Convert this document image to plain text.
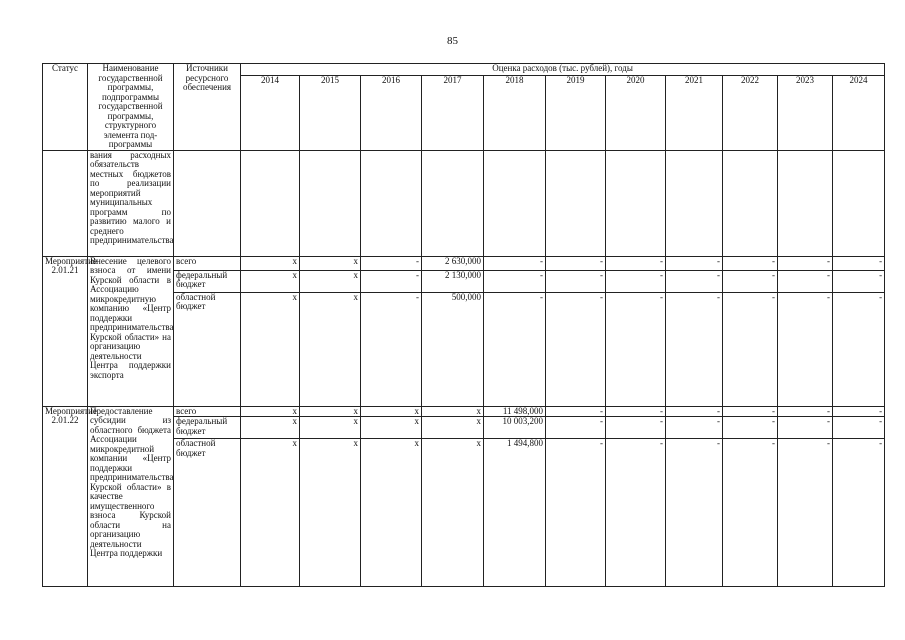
85
Статус	Наименование государственной программы, подпрограммы государственной программы, структурного элемента под-программы	Источники ресурсного обеспечения	Оценка расходов (тыс. рублей), годы										
			2014	2015	2016	2017	2018	2019	2020	2021	2022	2023	2024
	вания расходных обязательств местных бюджетов по реализации мероприятий муниципальных программ по развитию малого и среднего предпринимательства												
Мероприятие 2.01.21	Внесение целевого взноса от имени Курской области в Ассоциацию микрокредитную компанию «Центр поддержки предпринимательства Курской области» на организацию деятельности Центра поддержки экспорта	всего	x	x	-	2 630,000	-	-	-	-	-	-	-
		федеральный бюджет	x	x	-	2 130,000	-	-	-	-	-	-	-
		областной бюджет	x	x	-	500,000	-	-	-	-	-	-	-
Мероприятие 2.01.22	Предоставление субсидии из областного бюджета Ассоциации микрокредитной компании «Центр поддержки предпринимательства Курской области» в качестве имущественного взноса Курской области на организацию деятельности Центра поддержки	всего	x	x	x	x	11 498,000	-	-	-	-	-	-
		федеральный бюджет	x	x	x	x	10 003,200	-	-	-	-	-	-
		областной бюджет	x	x	x	x	1 494,800	-	-	-	-	-	-
